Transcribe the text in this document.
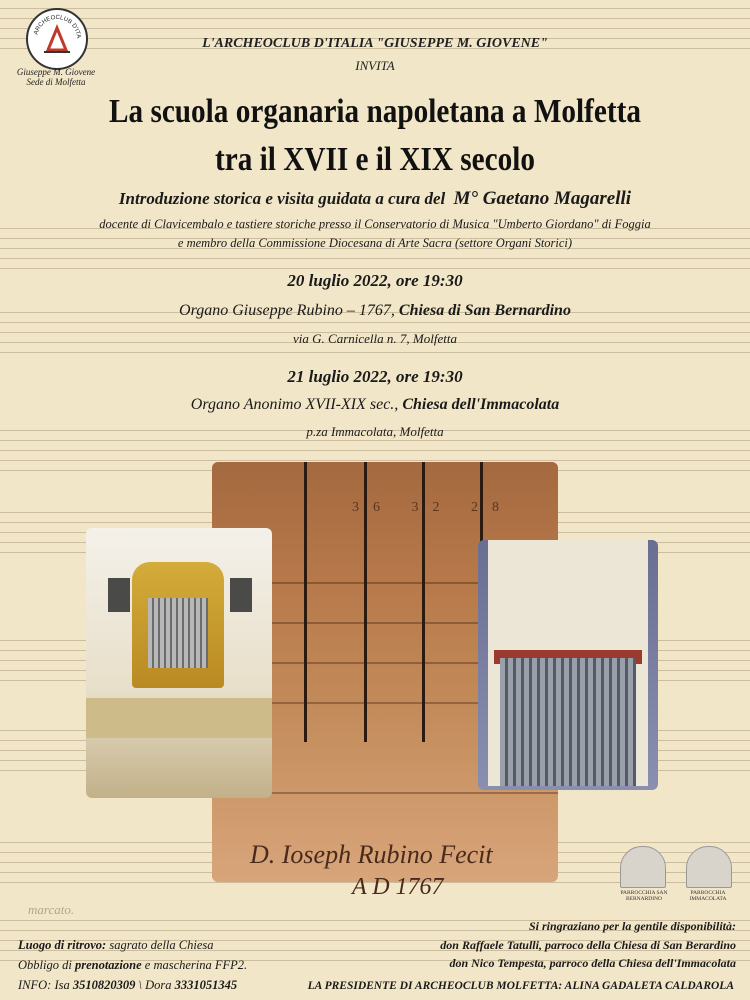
ARCHEOCLUB D'ITA
Giuseppe M. Giovene
Sede di Molfetta
L'ARCHEOCLUB D'ITALIA "GIUSEPPE M. GIOVENE"
INVITA
La scuola organaria napoletana a Molfetta
tra il XVII e il XIX secolo
Introduzione storica e visita guidata a cura del M° Gaetano Magarelli
docente di Clavicembalo e tastiere storiche presso il Conservatorio di Musica "Umberto Giordano" di Foggia
e membro della Commissione Diocesana di Arte Sacra (settore Organi Storici)
20 luglio 2022, ore 19:30
Organo Giuseppe Rubino – 1767, Chiesa di San Bernardino
via G. Carnicella n. 7, Molfetta
21 luglio 2022, ore 19:30
Organo Anonimo XVII-XIX sec., Chiesa dell'Immacolata
p.za Immacolata, Molfetta
36 32 28
D. Ioseph Rubino Fecit
A D 1767	PARROCCHIA SAN BERNARDINO
PARROCCHIA IMMACOLATA
marcato.
Luogo di ritrovo: sagrato della Chiesa
Obbligo di prenotazione e mascherina FFP2.
INFO: Isa 3510820309 \ Dora 3331051345
Si ringraziano per la gentile disponibilità:
don Raffaele Tatulli, parroco della Chiesa di San Berardino
don Nico Tempesta, parroco della Chiesa dell'Immacolata
LA PRESIDENTE DI ARCHEOCLUB MOLFETTA: ALINA GADALETA CALDAROLA
